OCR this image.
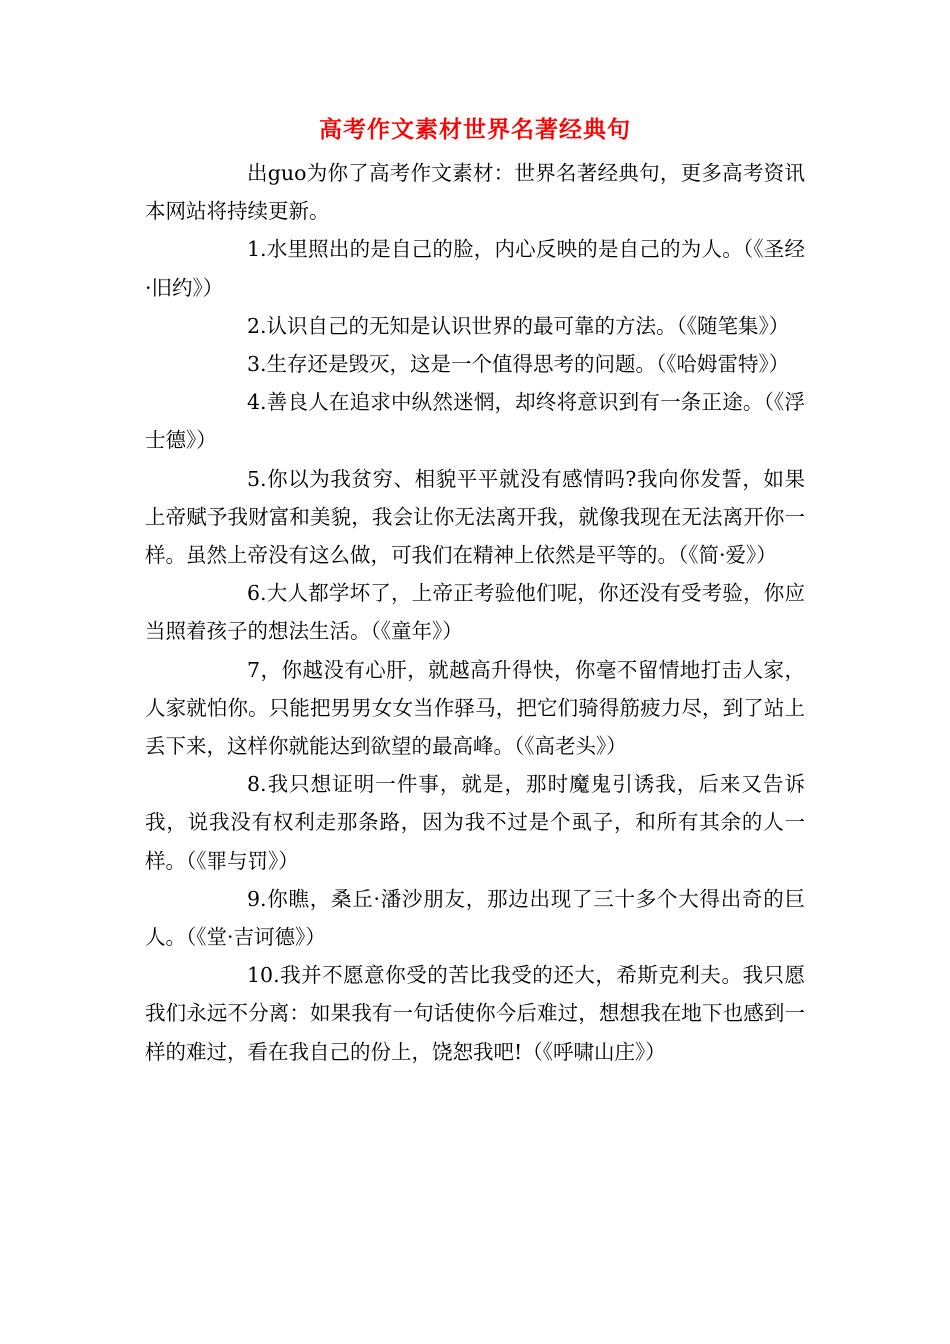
高考作文素材世界名著经典句

出guo为你了高考作文素材：世界名著经典句，更多高考资讯本网站将持续更新。

1.水里照出的是自己的脸，内心反映的是自己的为人。（《圣经·旧约》）

2.认识自己的无知是认识世界的最可靠的方法。（《随笔集》）

3.生存还是毁灭，这是一个值得思考的问题。（《哈姆雷特》）

4.善良人在追求中纵然迷惘，却终将意识到有一条正途。（《浮士德》）

5.你以为我贫穷、相貌平平就没有感情吗?我向你发誓，如果上帝赋予我财富和美貌，我会让你无法离开我，就像我现在无法离开你一样。虽然上帝没有这么做，可我们在精神上依然是平等的。（《简·爱》）

6.大人都学坏了，上帝正考验他们呢，你还没有受考验，你应当照着孩子的想法生活。（《童年》）

7，你越没有心肝，就越高升得快，你毫不留情地打击人家，人家就怕你。只能把男男女女当作驿马，把它们骑得筋疲力尽，到了站上丢下来，这样你就能达到欲望的最高峰。（《高老头》）

8.我只想证明一件事，就是，那时魔鬼引诱我，后来又告诉我，说我没有权利走那条路，因为我不过是个虱子，和所有其余的人一样。（《罪与罚》）

9.你瞧，桑丘·潘沙朋友，那边出现了三十多个大得出奇的巨人。（《堂·吉诃德》）

10.我并不愿意你受的苦比我受的还大，希斯克利夫。我只愿我们永远不分离：如果我有一句话使你今后难过，想想我在地下也感到一样的难过，看在我自己的份上，饶恕我吧!（《呼啸山庄》）
